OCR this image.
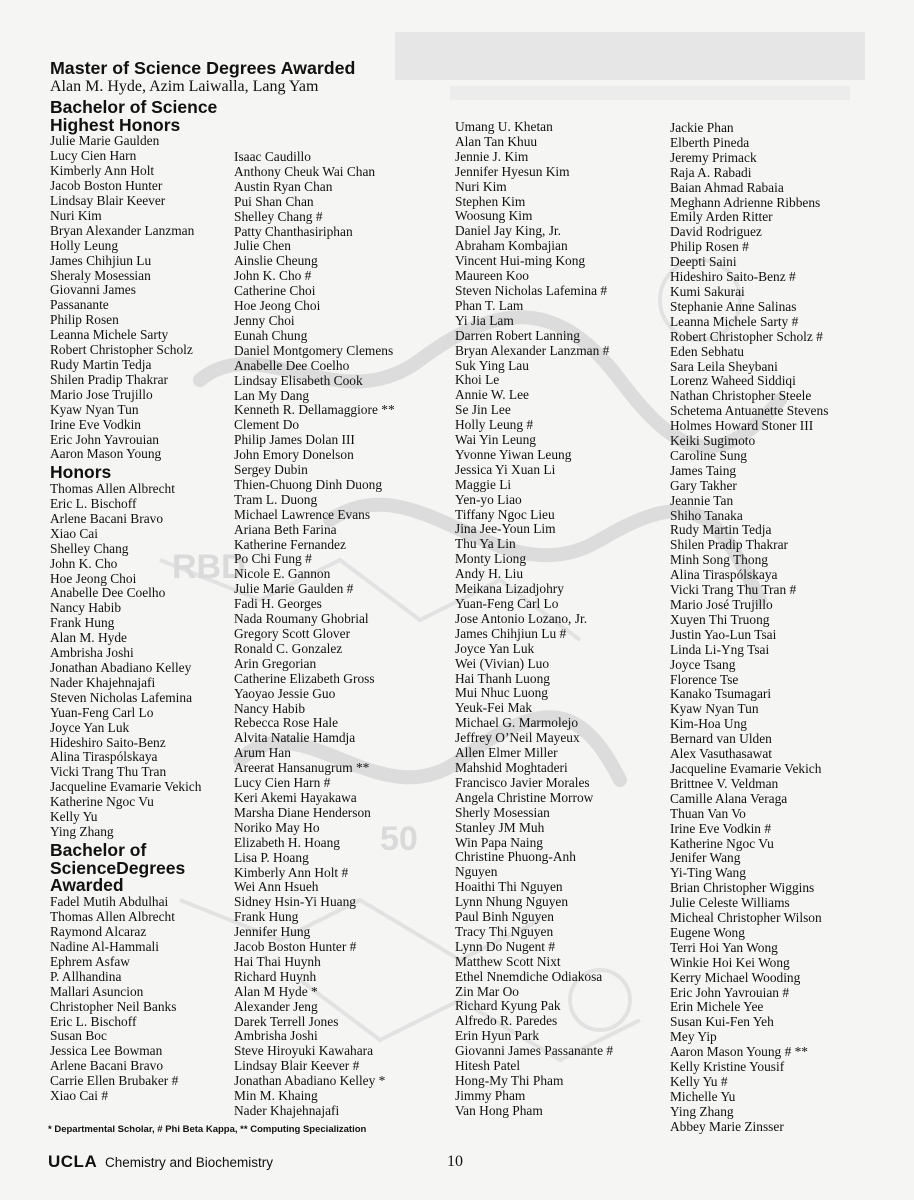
RBD
50
Master of Science Degrees Awarded
Alan M. Hyde, Azim Laiwalla, Lang Yam
Bachelor of Science
Highest Honors
Julie Marie Gaulden
Lucy Cien Harn
Kimberly Ann Holt
Jacob Boston Hunter
Lindsay Blair Keever
Nuri Kim
Bryan Alexander Lanzman
Holly Leung
James Chihjiun Lu
Sheraly Mosessian
Giovanni James
Passanante
Philip Rosen
Leanna Michele Sarty
Robert Christopher Scholz
Rudy Martin Tedja
Shilen Pradip Thakrar
Mario Jose Trujillo
Kyaw Nyan Tun
Irine Eve Vodkin
Eric John Yavrouian
Aaron Mason Young
Honors
Thomas Allen Albrecht
Eric L. Bischoff
Arlene Bacani Bravo
Xiao Cai
Shelley Chang
John K. Cho
Hoe Jeong Choi
Anabelle Dee Coelho
Nancy Habib
Frank Hung
Alan M. Hyde
Ambrisha Joshi
Jonathan Abadiano Kelley
Nader Khajehnajafi
Steven Nicholas Lafemina
Yuan-Feng Carl Lo
Joyce Yan Luk
Hideshiro Saito-Benz
Alina Tiraspólskaya
Vicki Trang Thu Tran
Jacqueline Evamarie Vekich
Katherine Ngoc Vu
Kelly Yu
Ying Zhang
Bachelor of
ScienceDegrees
Awarded
Fadel Mutih Abdulhai
Thomas Allen Albrecht
Raymond Alcaraz
Nadine Al-Hammali
Ephrem Asfaw
P. Allhandina
Mallari Asuncion
Christopher Neil Banks
Eric L. Bischoff
Susan Boc
Jessica Lee Bowman
Arlene Bacani Bravo
Carrie Ellen Brubaker #
Xiao Cai #
Isaac Caudillo
Anthony Cheuk Wai Chan
Austin Ryan Chan
Pui Shan Chan
Shelley Chang #
Patty Chanthasiriphan
Julie Chen
Ainslie Cheung
John K. Cho #
Catherine Choi
Hoe Jeong Choi
Jenny Choi
Eunah Chung
Daniel Montgomery Clemens
Anabelle Dee Coelho
Lindsay Elisabeth Cook
Lan My Dang
Kenneth R. Dellamaggiore **
Clement Do
Philip James Dolan III
John Emory Donelson
Sergey Dubin
Thien-Chuong Dinh Duong
Tram L. Duong
Michael Lawrence Evans
Ariana Beth Farina
Katherine Fernandez
Po Chi Fung #
Nicole E. Gannon
Julie Marie Gaulden #
Fadi H. Georges
Nada Roumany Ghobrial
Gregory Scott Glover
Ronald C. Gonzalez
Arin Gregorian
Catherine Elizabeth Gross
Yaoyao Jessie Guo
Nancy Habib
Rebecca Rose Hale
Alvita Natalie Hamdja
Arum Han
Areerat Hansanugrum **
Lucy Cien Harn #
Keri Akemi Hayakawa
Marsha Diane Henderson
Noriko May Ho
Elizabeth H. Hoang
Lisa P. Hoang
Kimberly Ann Holt #
Wei Ann Hsueh
Sidney Hsin-Yi Huang
Frank Hung
Jennifer Hung
Jacob Boston Hunter #
Hai Thai Huynh
Richard Huynh
Alan M Hyde *
Alexander Jeng
Darek Terrell Jones
Ambrisha Joshi
Steve Hiroyuki Kawahara
Lindsay Blair Keever #
Jonathan Abadiano Kelley *
Min M. Khaing
Nader Khajehnajafi
Umang U. Khetan
Alan Tan Khuu
Jennie J. Kim
Jennifer Hyesun Kim
Nuri Kim
Stephen Kim
Woosung Kim
Daniel Jay King, Jr.
Abraham Kombajian
Vincent Hui-ming Kong
Maureen Koo
Steven Nicholas Lafemina #
Phan T. Lam
Yi Jia Lam
Darren Robert Lanning
Bryan Alexander Lanzman #
Suk Ying Lau
Khoi Le
Annie W. Lee
Se Jin Lee
Holly Leung #
Wai Yin Leung
Yvonne Yiwan Leung
Jessica Yi Xuan Li
Maggie Li
Yen-yo Liao
Tiffany Ngoc Lieu
Jina Jee-Youn Lim
Thu Ya Lin
Monty Liong
Andy H. Liu
Meikana Lizadjohry
Yuan-Feng Carl Lo
Jose Antonio Lozano, Jr.
James Chihjiun Lu #
Joyce Yan Luk
Wei (Vivian) Luo
Hai Thanh Luong
Mui Nhuc Luong
Yeuk-Fei Mak
Michael G. Marmolejo
Jeffrey O’Neil Mayeux
Allen Elmer Miller
Mahshid Moghtaderi
Francisco Javier Morales
Angela Christine Morrow
Sherly Mosessian
Stanley JM Muh
Win Papa Naing
Christine Phuong-Anh
Nguyen
Hoaithi Thi Nguyen
Lynn Nhung Nguyen
Paul Binh Nguyen
Tracy Thi Nguyen
Lynn Do Nugent #
Matthew Scott Nixt
Ethel Nnemdiche Odiakosa
Zin Mar Oo
Richard Kyung Pak
Alfredo R. Paredes
Erin Hyun Park
Giovanni James Passanante #
Hitesh Patel
Hong-My Thi Pham
Jimmy Pham
Van Hong Pham
Jackie Phan
Elberth Pineda
Jeremy Primack
Raja A. Rabadi
Baian Ahmad Rabaia
Meghann Adrienne Ribbens
Emily Arden Ritter
David Rodriguez
Philip Rosen #
Deepti Saini
Hideshiro Saito-Benz #
Kumi Sakurai
Stephanie Anne Salinas
Leanna Michele Sarty #
Robert Christopher Scholz #
Eden Sebhatu
Sara Leila Sheybani
Lorenz Waheed Siddiqi
Nathan Christopher Steele
Schetema Antuanette Stevens
Holmes Howard Stoner III
Keiki Sugimoto
Caroline Sung
James Taing
Gary Takher
Jeannie Tan
Shiho Tanaka
Rudy Martin Tedja
Shilen Pradip Thakrar
Minh Song Thong
Alina Tiraspólskaya
Vicki Trang Thu Tran #
Mario José Trujillo
Xuyen Thi Truong
Justin Yao-Lun Tsai
Linda Li-Yng Tsai
Joyce Tsang
Florence Tse
Kanako Tsumagari
Kyaw Nyan Tun
Kim-Hoa Ung
Bernard van Ulden
Alex Vasuthasawat
Jacqueline Evamarie Vekich
Brittnee V. Veldman
Camille Alana Veraga
Thuan Van Vo
Irine Eve Vodkin #
Katherine Ngoc Vu
Jenifer Wang
Yi-Ting Wang
Brian Christopher Wiggins
Julie Celeste Williams
Micheal Christopher Wilson
Eugene Wong
Terri Hoi Yan Wong
Winkie Hoi Kei Wong
Kerry Michael Wooding
Eric John Yavrouian #
Erin Michele Yee
Susan Kui-Fen Yeh
Mey Yip
Aaron Mason Young # **
Kelly Kristine Yousif
Kelly Yu #
Michelle Yu
Ying Zhang
Abbey Marie Zinsser
* Departmental Scholar, # Phi Beta Kappa, ** Computing Specialization
UCLA Chemistry and Biochemistry	10
